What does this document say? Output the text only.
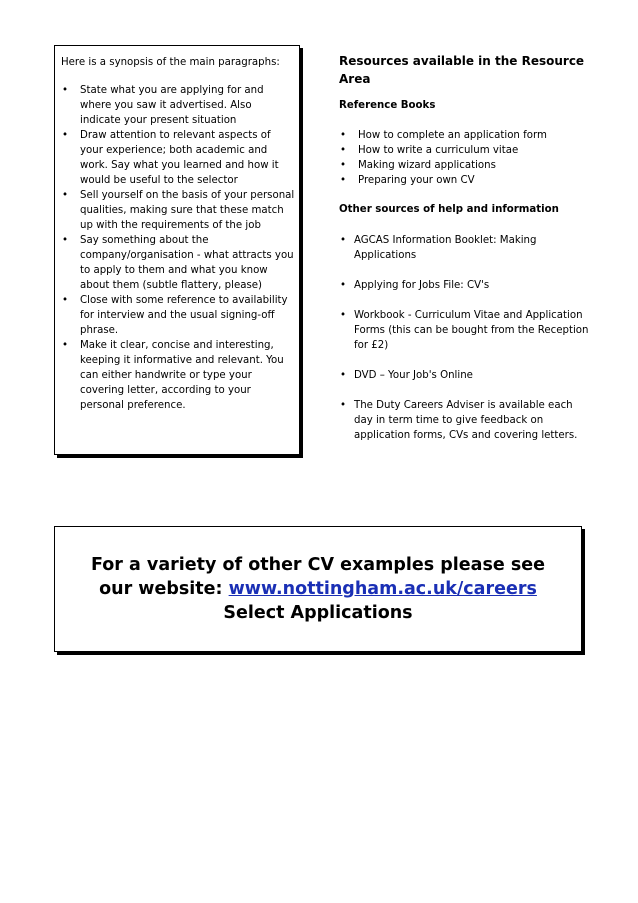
Here is a synopsis of the main paragraphs:

• State what you are applying for and where you saw it advertised. Also indicate your present situation
• Draw attention to relevant aspects of your experience; both academic and work. Say what you learned and how it would be useful to the selector
• Sell yourself on the basis of your personal qualities, making sure that these match up with the requirements of the job
• Say something about the company/organisation - what attracts you to apply to them and what you know about them (subtle flattery, please)
• Close with some reference to availability for interview and the usual signing-off phrase.
• Make it clear, concise and interesting, keeping it informative and relevant. You can either handwrite or type your covering letter, according to your personal preference.
Resources available in the Resource Area
Reference Books
• How to complete an application form
• How to write a curriculum vitae
• Making wizard applications
• Preparing your own CV
Other sources of help and information
• AGCAS Information Booklet: Making Applications
• Applying for Jobs File: CV's
• Workbook - Curriculum Vitae and Application Forms (this can be bought from the Reception for £2)
• DVD – Your Job's Online
• The Duty Careers Adviser is available each day in term time to give feedback on application forms, CVs and covering letters.
For a variety of other CV examples please see
our website: www.nottingham.ac.uk/careers
Select Applications
